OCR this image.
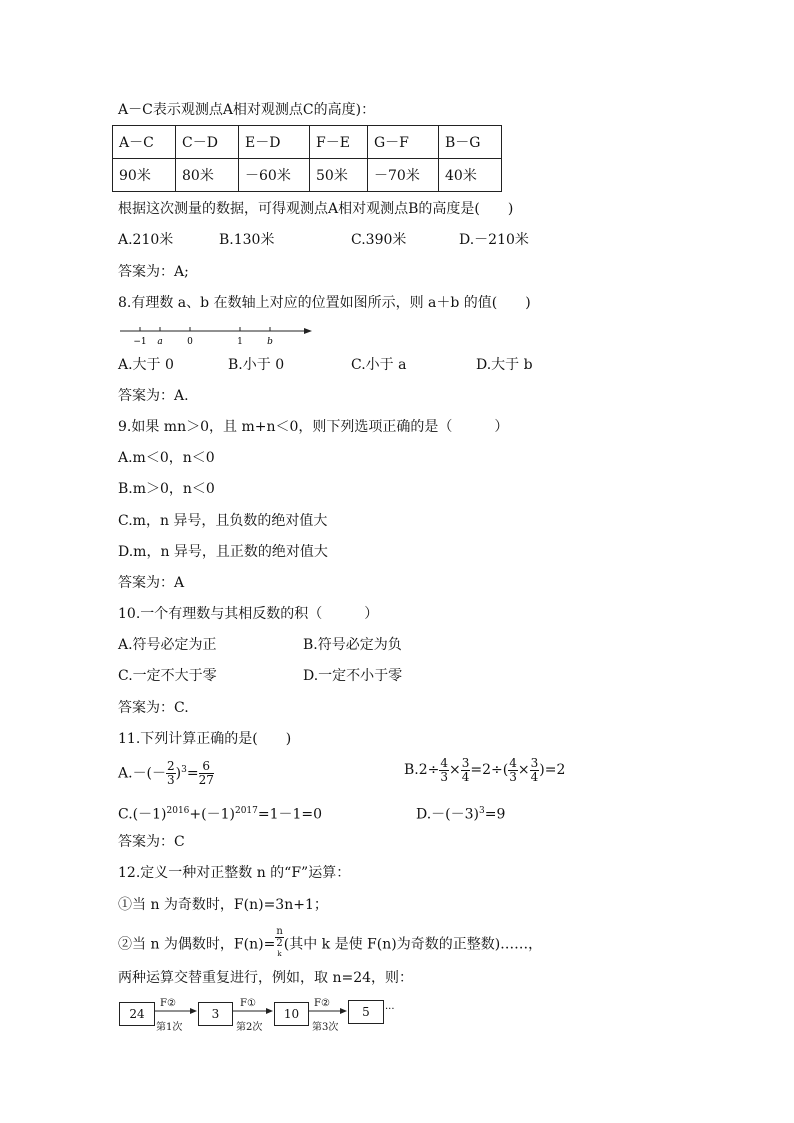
A－C表示观测点A相对观测点C的高度)：
A－C	C－D	E－D	F－E	G－F	B－G
90米	80米	－60米	50米	－70米	40米
根据这次测量的数据，可得观测点A相对观测点B的高度是(　　)
A.210米	B.130米	C.390米	D.－210米
答案为：A;
8.有理数 a、b 在数轴上对应的位置如图所示，则 a＋b 的值(　　)
−1 a	0	1	b
A.大于 0	B.小于 0	C.小于 a	D.大于 b
答案为：A.
9.如果 mn＞0，且 m+n＜0，则下列选项正确的是（　　　）
A.m＜0，n＜0
B.m＞0，n＜0
C.m，n 异号，且负数的绝对值大
D.m，n 异号，且正数的绝对值大
答案为：A
10.一个有理数与其相反数的积（　　　）
A.符号必定为正	B.符号必定为负
C.一定不大于零	D.一定不小于零
答案为：C.
11.下列计算正确的是(　　)
$A.-(- \frac{2}{3} )^3= \frac{6}{27}$	$B.2\div \frac{4}{3} \times \frac{3}{4} =2\div( \frac{4}{3} \times \frac{3}{4} )=2$
$C.(-1)^{2016}+(-1)^{2017}=1-1=0$	$D.-(-3)^3=9$
答案为：C
12.定义一种对正整数 n 的“F”运算：
①当 n 为奇数时，F(n)=3n+1；
②当 n 为偶数时，F(n)= n
2
$^k$ (其中 k 是使 F(n)为奇数的正整数)……，
两种运算交替重复进行，例如，取 n=24，则：
24
F②
第1次
3
F①
第2次
10
F②
第3次
5	···
